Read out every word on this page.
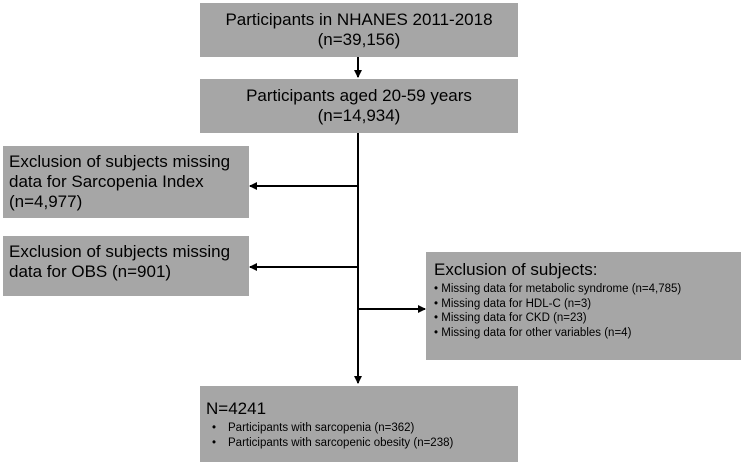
Participants in NHANES 2011-2018
(n=39,156)
Participants aged 20-59 years
(n=14,934)
Exclusion of subjects missing
data for Sarcopenia Index
(n=4,977)
Exclusion of subjects missing
data for OBS (n=901)	Exclusion of subjects:
• Missing data for metabolic syndrome (n=4,785)
• Missing data for HDL-C (n=3)
• Missing data for CKD (n=23)
• Missing data for other variables (n=4)
N=4241
•	Participants with sarcopenia (n=362)
•	Participants with sarcopenic obesity (n=238)
